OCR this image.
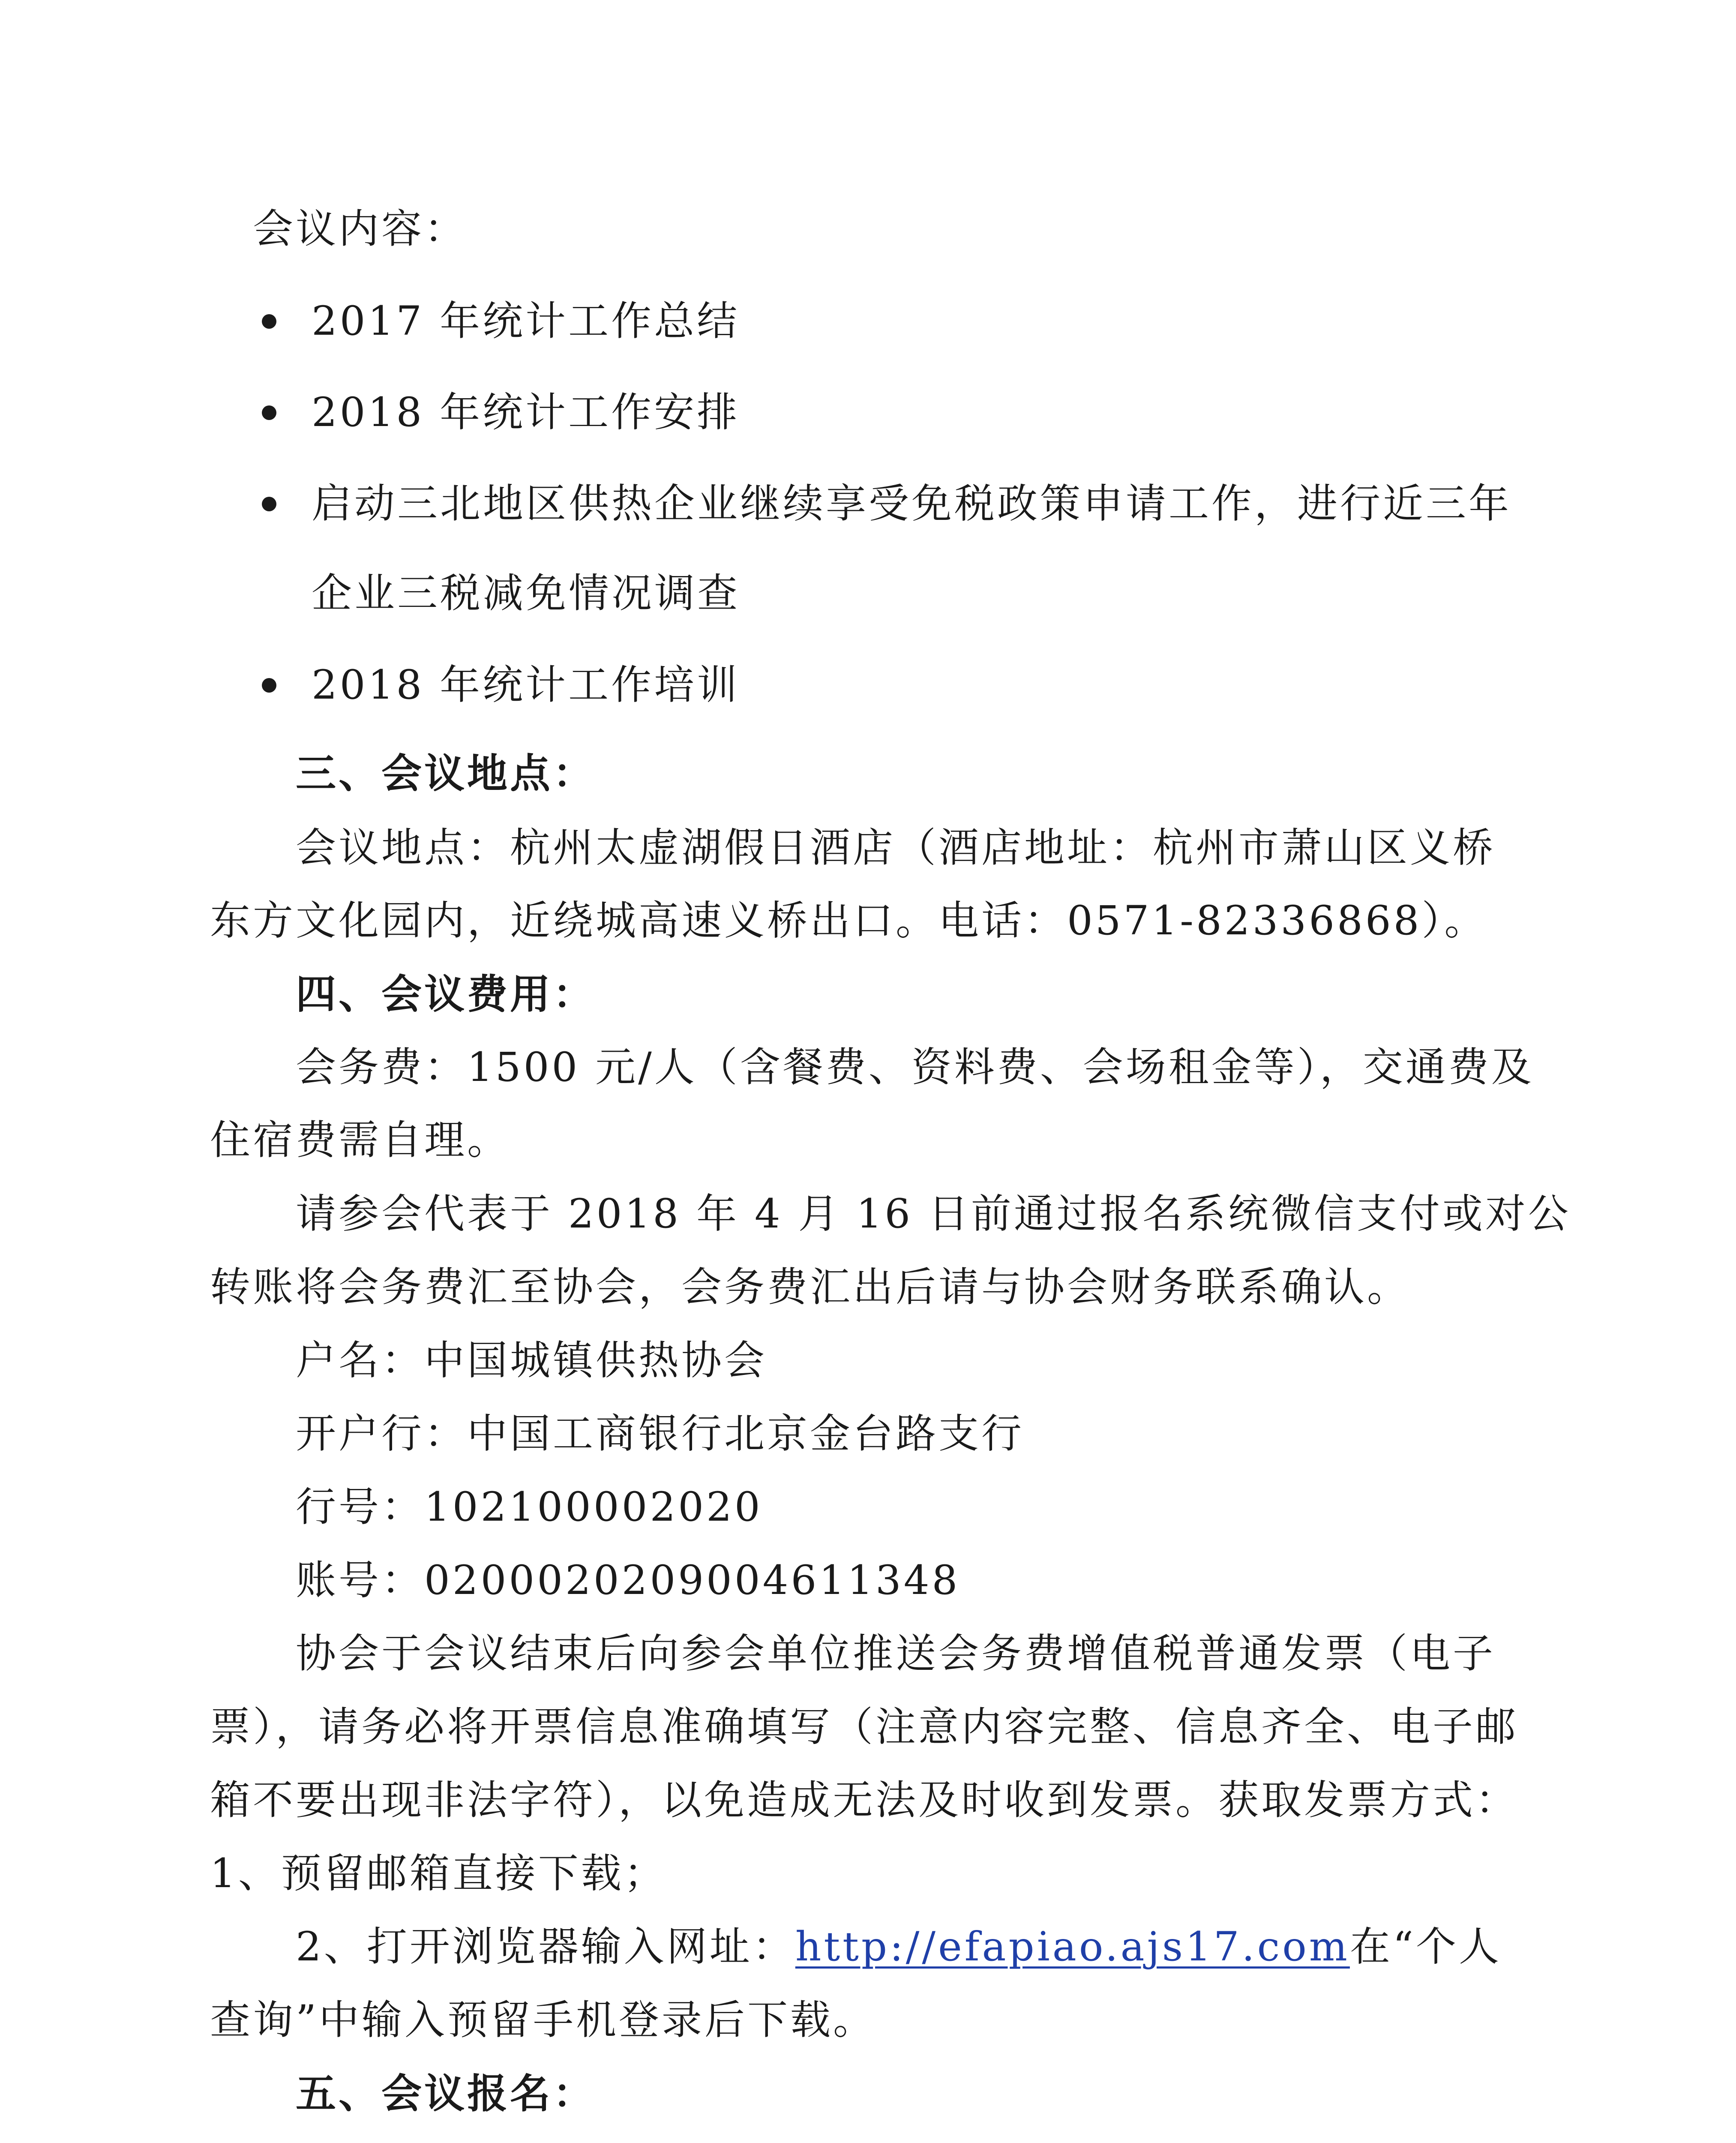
会议内容：
2017 年统计工作总结
2018 年统计工作安排
启动三北地区供热企业继续享受免税政策申请工作，进行近三年
企业三税减免情况调查
2018 年统计工作培训
三、会议地点：
会议地点：杭州太虚湖假日酒店（酒店地址：杭州市萧山区义桥
东方文化园内，近绕城高速义桥出口。电话：0571-82336868）。
四、会议费用：
会务费：1500 元/人（含餐费、资料费、会场租金等），交通费及
住宿费需自理。
请参会代表于 2018 年 4 月 16 日前通过报名系统微信支付或对公
转账将会务费汇至协会，会务费汇出后请与协会财务联系确认。
户名：中国城镇供热协会
开户行：中国工商银行北京金台路支行
行号：102100002020
账号：0200020209004611348
协会于会议结束后向参会单位推送会务费增值税普通发票（电子
票），请务必将开票信息准确填写（注意内容完整、信息齐全、电子邮
箱不要出现非法字符），以免造成无法及时收到发票。获取发票方式：
1、预留邮箱直接下载；
2、打开浏览器输入网址：http://efapiao.ajs17.com在“个人
查询”中输入预留手机登录后下载。
五、会议报名：
